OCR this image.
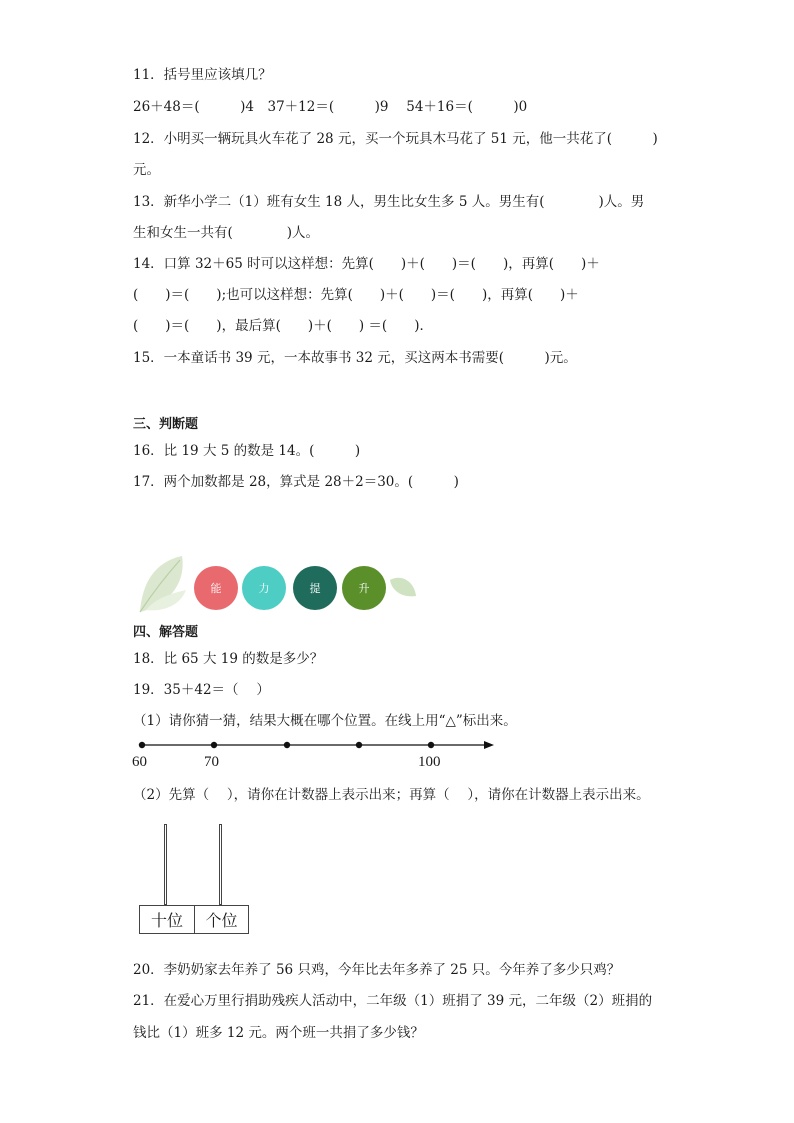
11．括号里应该填几？
26＋48＝(　　　)4　37＋12＝(　　　)9　 54＋16＝(　　　)0
12．小明买一辆玩具火车花了 28 元，买一个玩具木马花了 51 元，他一共花了(　　　)
元。
13．新华小学二（1）班有女生 18 人，男生比女生多 5 人。男生有(　　　　)人。男
生和女生一共有(　　　　)人。
14．口算 32＋65 时可以这样想：先算(　　)＋(　　)＝(　　)，再算(　　)＋
(　　)＝(　　);也可以这样想：先算(　　)＋(　　)＝(　　)，再算(　　)＋
(　　)＝(　　)，最后算(　　)＋(　　) ＝(　　)．
15．一本童话书 39 元，一本故事书 32 元，买这两本书需要(　　　)元。
三、判断题
16．比 19 大 5 的数是 14。(　　　)
17．两个加数都是 28，算式是 28＋2＝30。(　　　)
能	力	提	升
四、解答题
18．比 65 大 19 的数是多少？
19．35＋42＝（　 ）
（1）请你猜一猜，结果大概在哪个位置。在线上用“△”标出来。
60	70	100
（2）先算（　 ），请你在计数器上表示出来；再算（　 ），请你在计数器上表示出来。
十位	个位
20．李奶奶家去年养了 56 只鸡，今年比去年多养了 25 只。今年养了多少只鸡？
21．在爱心万里行捐助残疾人活动中，二年级（1）班捐了 39 元，二年级（2）班捐的
钱比（1）班多 12 元。两个班一共捐了多少钱？
